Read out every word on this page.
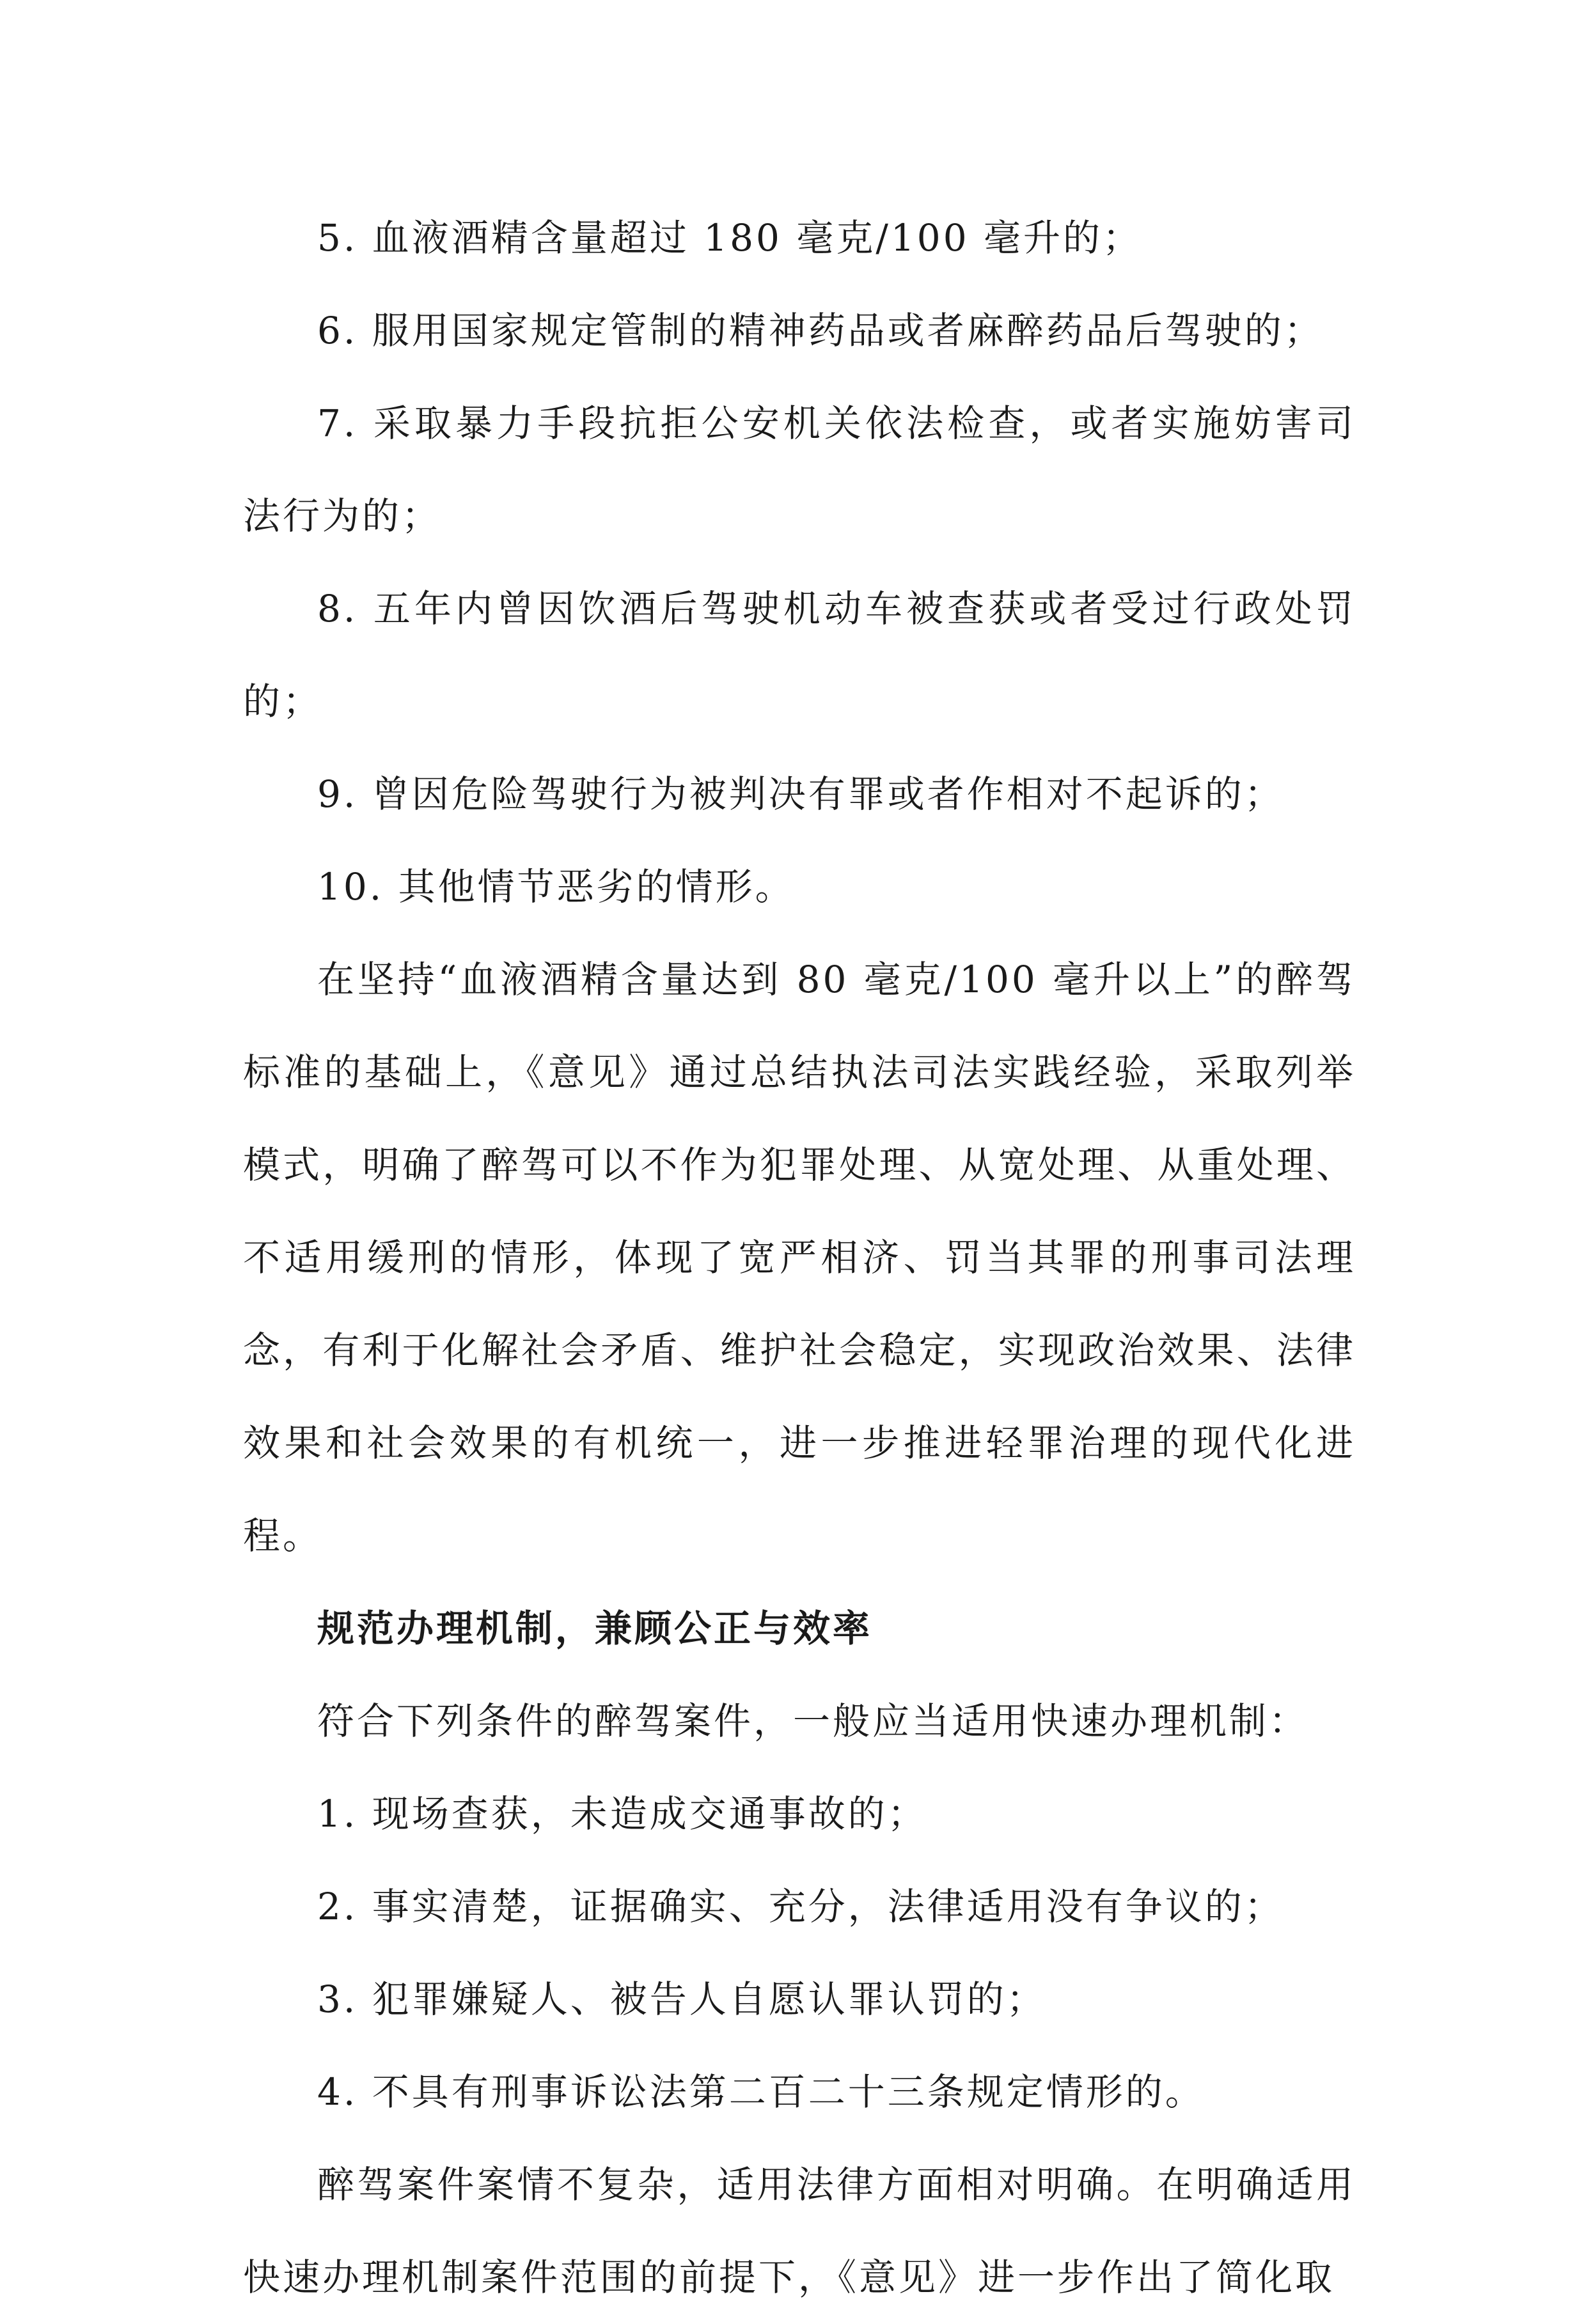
5. 血液酒精含量超过 180 毫克/100 毫升的；

6. 服用国家规定管制的精神药品或者麻醉药品后驾驶的；

7. 采取暴力手段抗拒公安机关依法检查，或者实施妨害司法行为的；

8. 五年内曾因饮酒后驾驶机动车被查获或者受过行政处罚的；

9. 曾因危险驾驶行为被判决有罪或者作相对不起诉的；

10. 其他情节恶劣的情形。

在坚持“血液酒精含量达到 80 毫克/100 毫升以上”的醉驾标准的基础上，《意见》通过总结执法司法实践经验，采取列举模式，明确了醉驾可以不作为犯罪处理、从宽处理、从重处理、不适用缓刑的情形，体现了宽严相济、罚当其罪的刑事司法理念，有利于化解社会矛盾、维护社会稳定，实现政治效果、法律效果和社会效果的有机统一，进一步推进轻罪治理的现代化进程。

规范办理机制，兼顾公正与效率

符合下列条件的醉驾案件，一般应当适用快速办理机制：

1. 现场查获，未造成交通事故的；

2. 事实清楚，证据确实、充分，法律适用没有争议的；

3. 犯罪嫌疑人、被告人自愿认罪认罚的；

4. 不具有刑事诉讼法第二百二十三条规定情形的。

醉驾案件案情不复杂，适用法律方面相对明确。在明确适用快速办理机制案件范围的前提下，《意见》进一步作出了简化取
